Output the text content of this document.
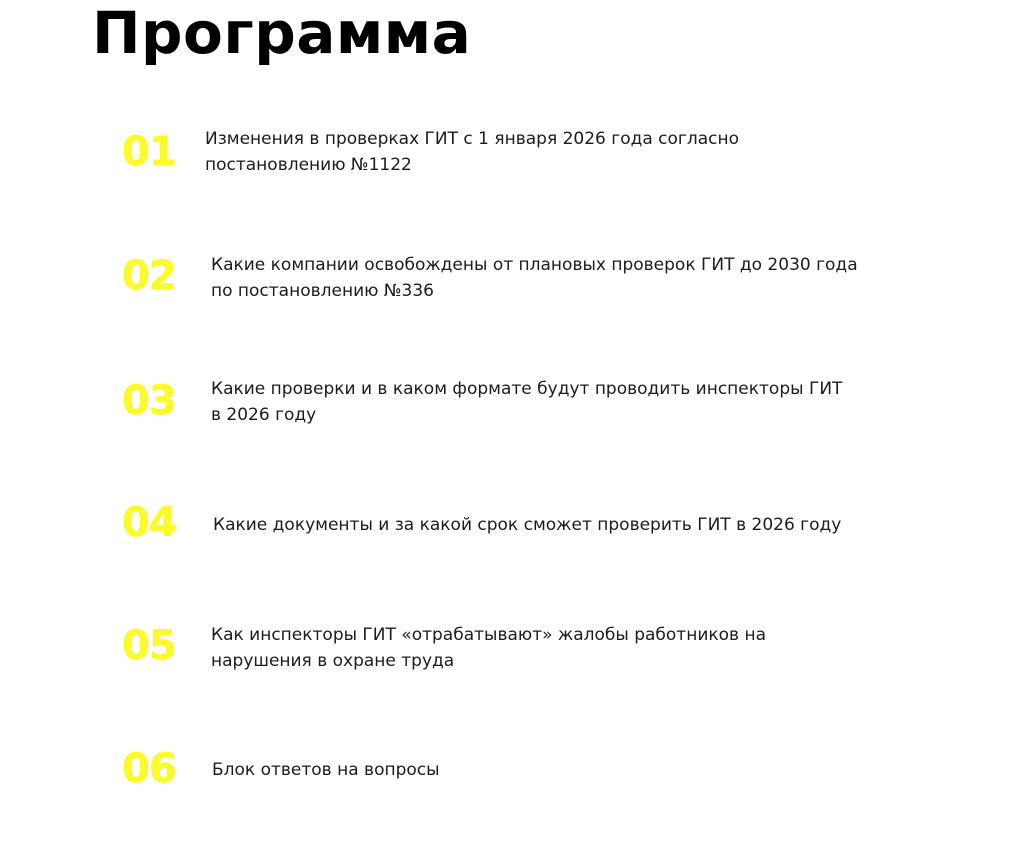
Программа
01	Изменения в проверках ГИТ с 1 января 2026 года согласно
постановлению №1122
02	Какие компании освобождены от плановых проверок ГИТ до 2030 года
по постановлению №336
03	Какие проверки и в каком формате будут проводить инспекторы ГИТ
в 2026 году
04	Какие документы и за какой срок сможет проверить ГИТ в 2026 году
05	Как инспекторы ГИТ «отрабатывают» жалобы работников на
нарушения в охране труда
06	Блок ответов на вопросы
